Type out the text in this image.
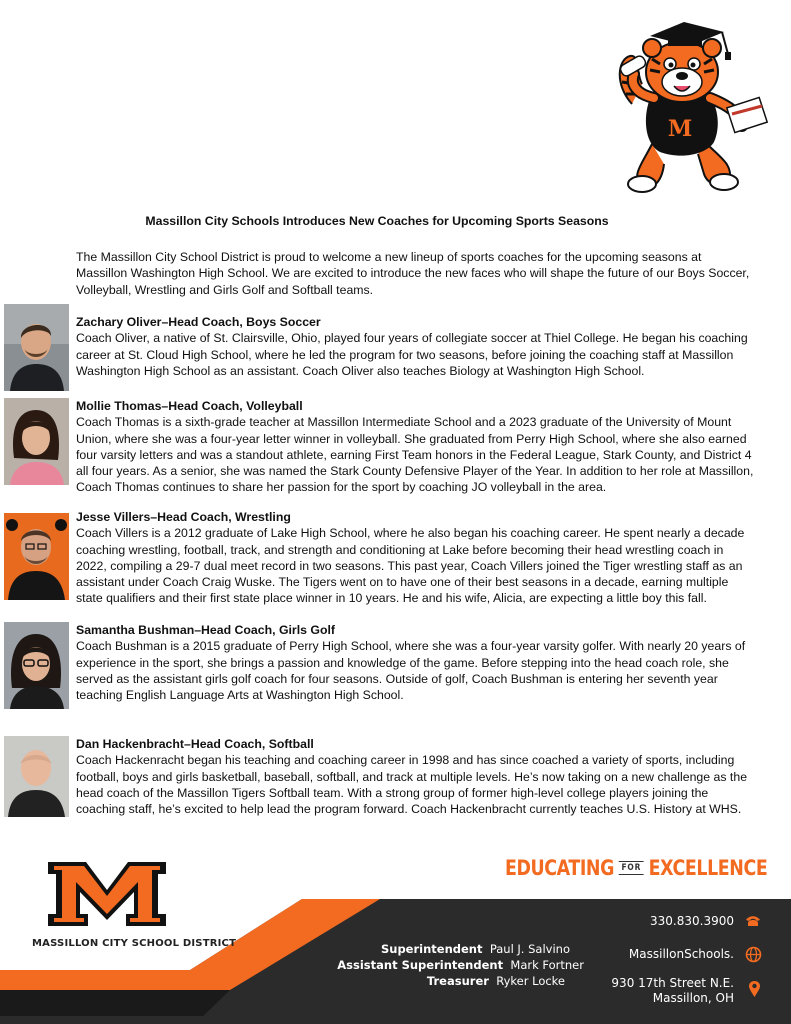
M
Massillon City Schools Introduces New Coaches for Upcoming Sports Seasons
The Massillon City School District is proud to welcome a new lineup of sports coaches for the upcoming seasons at Massillon Washington High School. We are excited to introduce the new faces who will shape the future of our Boys Soccer, Volleyball, Wrestling and Girls Golf and Softball teams.
Zachary Oliver–Head Coach, Boys Soccer
Coach Oliver, a native of St. Clairsville, Ohio, played four years of collegiate soccer at Thiel College. He began his coaching career at St. Cloud High School, where he led the program for two seasons, before joining the coaching staff at Massillon Washington High School as an assistant. Coach Oliver also teaches Biology at Washington High School.
Mollie Thomas–Head Coach, Volleyball
Coach Thomas is a sixth-grade teacher at Massillon Intermediate School and a 2023 graduate of the University of Mount Union, where she was a four-year letter winner in volleyball. She graduated from Perry High School, where she also earned four varsity letters and was a standout athlete, earning First Team honors in the Federal League, Stark County, and District 4 all four years. As a senior, she was named the Stark County Defensive Player of the Year. In addition to her role at Massillon, Coach Thomas continues to share her passion for the sport by coaching JO volleyball in the area.
Jesse Villers–Head Coach, Wrestling
Coach Villers is a 2012 graduate of Lake High School, where he also began his coaching career. He spent nearly a decade coaching wrestling, football, track, and strength and conditioning at Lake before becoming their head wrestling coach in 2022, compiling a 29-7 dual meet record in two seasons. This past year, Coach Villers joined the Tiger wrestling staff as an assistant under Coach Craig Wuske. The Tigers went on to have one of their best seasons in a decade, earning multiple state qualifiers and their first state place winner in 10 years. He and his wife, Alicia, are expecting a little boy this fall.
Samantha Bushman–Head Coach, Girls Golf
Coach Bushman is a 2015 graduate of Perry High School, where she was a four-year varsity golfer. With nearly 20 years of experience in the sport, she brings a passion and knowledge of the game. Before stepping into the head coach role, she served as the assistant girls golf coach for four seasons. Outside of golf, Coach Bushman is entering her seventh year teaching English Language Arts at Washington High School.
Dan Hackenbracht–Head Coach, Softball
Coach Hackenracht began his teaching and coaching career in 1998 and has since coached a variety of sports, including football, boys and girls basketball, baseball, softball, and track at multiple levels. He’s now taking on a new challenge as the head coach of the Massillon Tigers Softball team. With a strong group of former high-level college players joining the coaching staff, he’s excited to help lead the program forward. Coach Hackenbracht currently teaches U.S. History at WHS.
MASSILLON CITY SCHOOL DISTRICT
EDUCATING FOR EXCELLENCE
Superintendent Paul J. Salvino
Assistant Superintendent Mark Fortner
Treasurer Ryker Locke
330.830.3900
MassillonSchools.
930 17th Street N.E.
Massillon, OH
